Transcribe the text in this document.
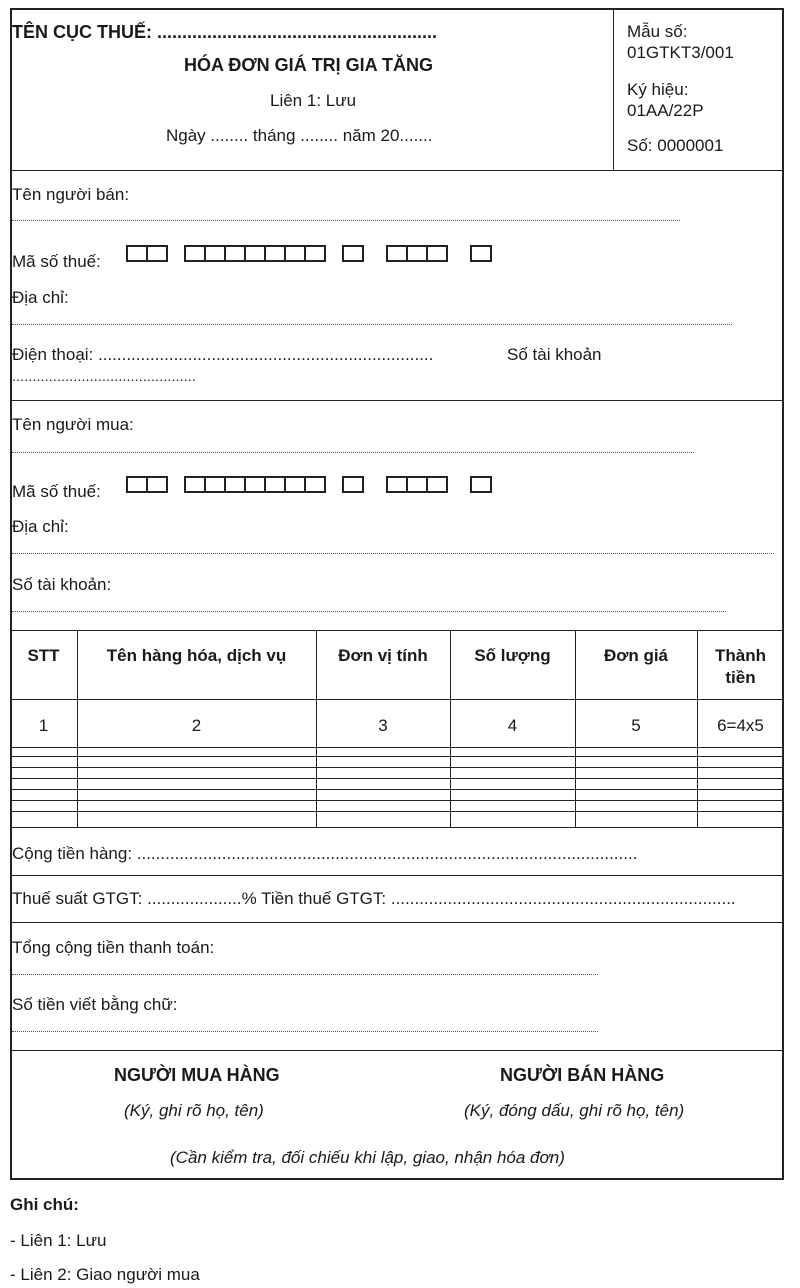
TÊN CỤC THUẾ: ........................................................
HÓA ĐƠN GIÁ TRỊ GIA TĂNG
Liên 1: Lưu
Ngày ........ tháng ........ năm 20.......
Mẫu số:
01GTKT3/001
Ký hiệu:
01AA/22P
Số: 0000001
Tên người bán:
Mã số thuế:
Địa chỉ:
Điện thoại: .......................................................................	Số tài khoản
.............................................
Tên người mua:
Mã số thuế:
Địa chỉ:
Số tài khoản:
STT	Tên hàng hóa, dịch vụ	Đơn vị tính	Số lượng	Đơn giá	Thành
tiền
1	2	3	4	5	6=4x5
Cộng tiền hàng: ..........................................................................................................
Thuế suất GTGT: ....................% Tiền thuế GTGT: .........................................................................
Tổng cộng tiền thanh toán:
Số tiền viết bằng chữ:
NGƯỜI MUA HÀNG
(Ký, ghi rõ họ, tên)
NGƯỜI BÁN HÀNG
(Ký, đóng dấu, ghi rõ họ, tên)
(Cần kiểm tra, đối chiếu khi lập, giao, nhận hóa đơn)
Ghi chú:
- Liên 1: Lưu
- Liên 2: Giao người mua
